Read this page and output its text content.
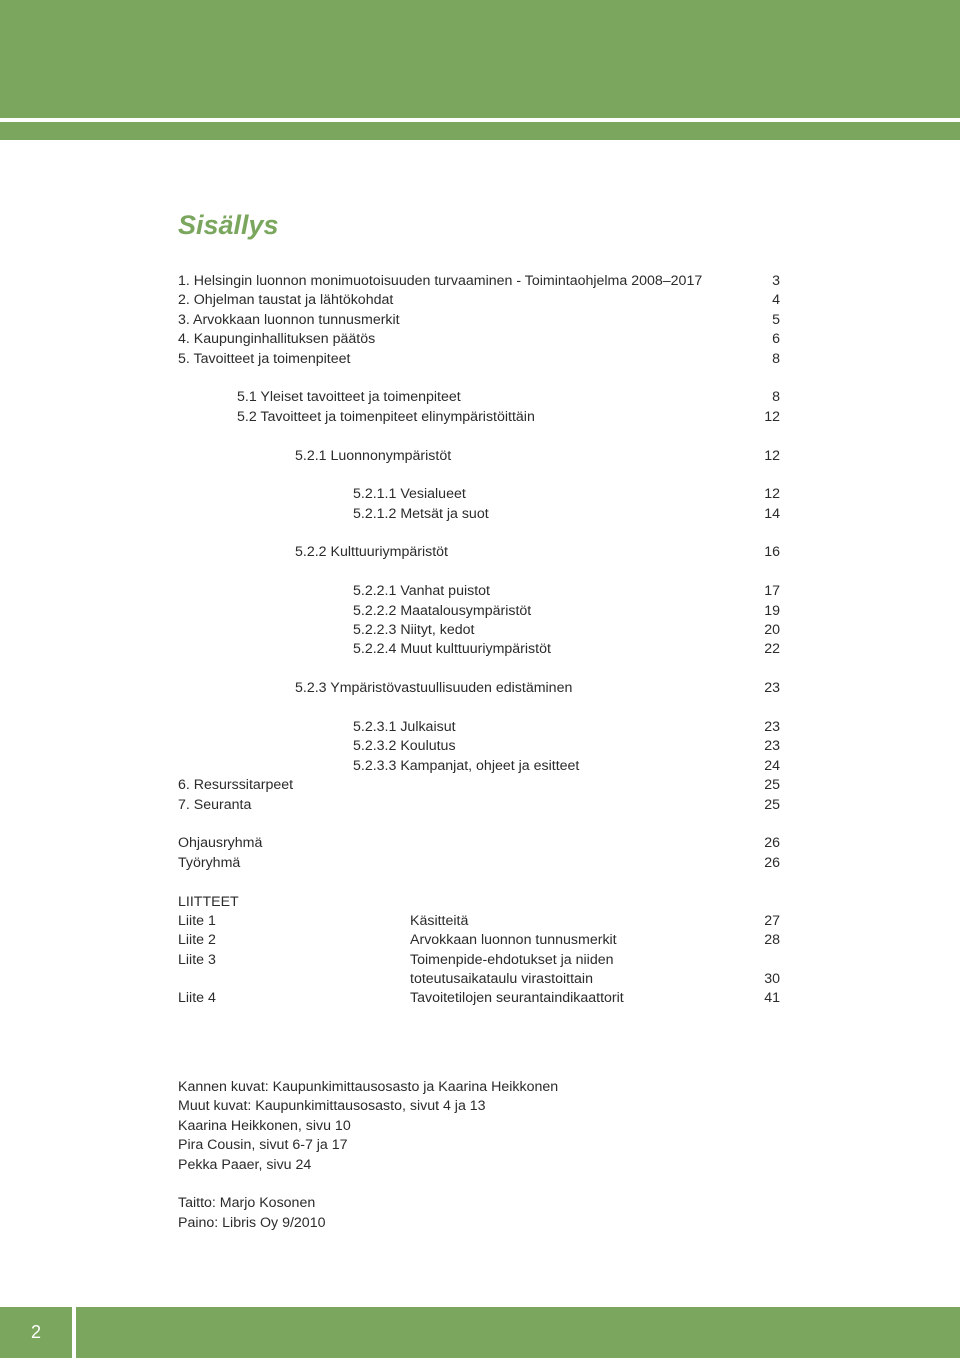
Sisällys
1. Helsingin luonnon monimuotoisuuden turvaaminen - Toimintaohjelma 2008–2017	3
2. Ohjelman taustat ja lähtökohdat	4
3. Arvokkaan luonnon tunnusmerkit	5
4. Kaupunginhallituksen päätös	6
5. Tavoitteet ja toimenpiteet	8
5.1 Yleiset tavoitteet ja toimenpiteet	8
5.2 Tavoitteet ja toimenpiteet elinympäristöittäin	12
5.2.1 Luonnonympäristöt	12
5.2.1.1 Vesialueet	12
5.2.1.2 Metsät ja suot	14
5.2.2 Kulttuuriympäristöt	16
5.2.2.1 Vanhat puistot	17
5.2.2.2 Maatalousympäristöt	19
5.2.2.3 Niityt, kedot	20
5.2.2.4 Muut kulttuuriympäristöt	22
5.2.3 Ympäristövastuullisuuden edistäminen	23
5.2.3.1 Julkaisut	23
5.2.3.2 Koulutus	23
5.2.3.3 Kampanjat, ohjeet ja esitteet	24
6. Resurssitarpeet	25
7. Seuranta	25
Ohjausryhmä	26
Työryhmä	26
LIITTEET
Liite 1	Käsitteitä	27
Liite 2	Arvokkaan luonnon tunnusmerkit	28
Liite 3	Toimenpide-ehdotukset ja niiden
toteutusaikataulu virastoittain	30
Liite 4	Tavoitetilojen seurantaindikaattorit	41
Kannen kuvat: Kaupunkimittausosasto ja Kaarina Heikkonen
Muut kuvat: Kaupunkimittausosasto, sivut 4 ja 13
Kaarina Heikkonen, sivu 10
Pira Cousin, sivut 6-7 ja 17
Pekka Paaer, sivu 24
Taitto: Marjo Kosonen
Paino: Libris Oy 9/2010
2
